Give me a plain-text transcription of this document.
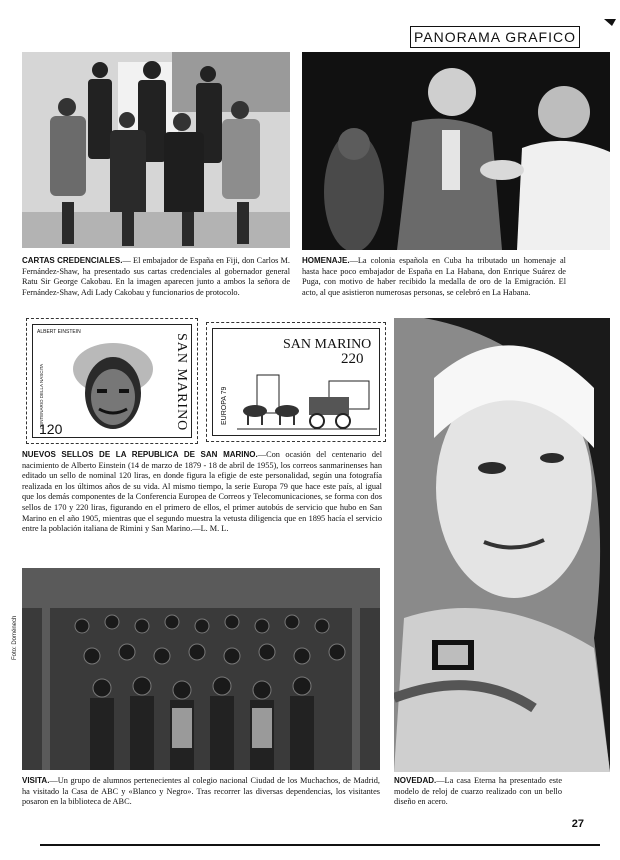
PANORAMA GRAFICO
CARTAS CREDENCIALES.— El embajador de España en Fiji, don Carlos M. Fernández-Shaw, ha presentado sus cartas credenciales al gobernador general Ratu Sir George Cakobau. En la imagen aparecen junto a ambos la señora de Fernández-Shaw, Adi Lady Cakobau y funcionarios de protocolo.
HOMENAJE.—La colonia española en Cuba ha tributado un homenaje al hasta hace poco embajador de España en La Habana, don Enrique Suárez de Puga, con motivo de haber recibido la medalla de oro de la Emigración. El acto, al que asistieron numerosas personas, se celebró en La Habana.
ALBERT EINSTEIN
CENTENARIO DELLA NASCITA	SAN MARINO
120
SAN MARINO
220
EUROPA 79
NUEVOS SELLOS DE LA REPUBLICA DE SAN MARINO.—Con ocasión del centenario del nacimiento de Alberto Einstein (14 de marzo de 1879 - 18 de abril de 1955), los correos sanmarinenses han editado un sello de nominal 120 liras, en donde figura la efigie de este personalidad, según una fotografía realizada en los últimos años de su vida. Al mismo tiempo, la serie Europa 79 que hace este país, al igual que los demás componentes de la Conferencia Europea de Correos y Telecomunicaciones, se forma con dos sellos de 170 y 220 liras, figurando en el primero de ellos, el primer autobús de servicio que hubo en San Marino en el año 1905, mientras que el segundo muestra la vetusta diligencia que en 1895 hacía el servicio entre la población italiana de Rimini y San Marino.—L. M. L.
Foto: Doménech
VISITA.—Un grupo de alumnos pertenecientes al colegio nacional Ciudad de los Muchachos, de Madrid, ha visitado la Casa de ABC y «Blanco y Negro». Tras recorrer las diversas dependencias, los visitantes posaron en la biblioteca de ABC.
NOVEDAD.—La casa Eterna ha presentado este modelo de reloj de cuarzo realizado con un bello diseño en acero.
27
